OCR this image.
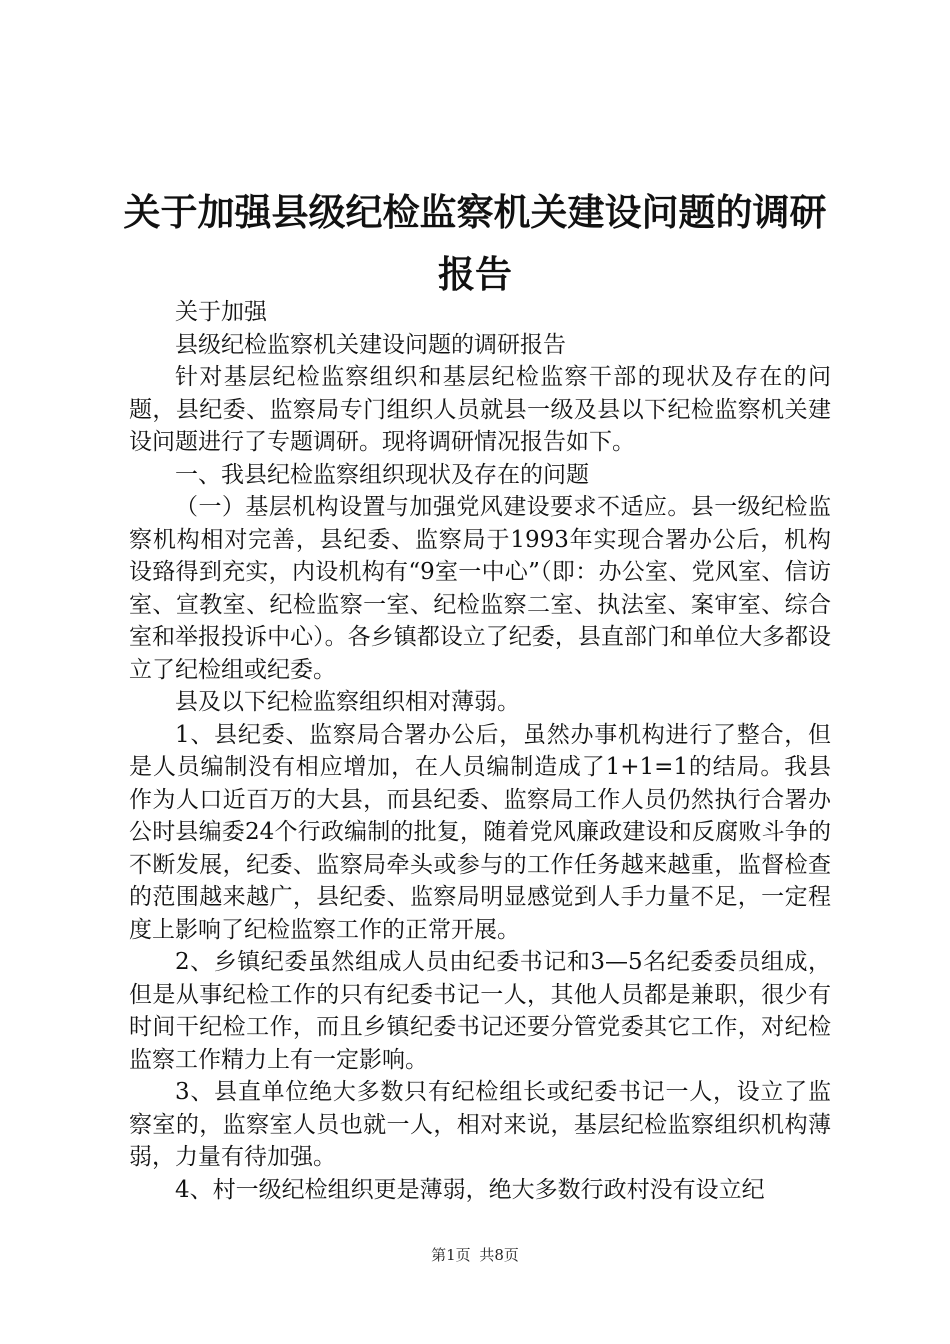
关于加强县级纪检监察机关建设问题的调研报告

关于加强

县级纪检监察机关建设问题的调研报告

针对基层纪检监察组织和基层纪检监察干部的现状及存在的问题，县纪委、监察局专门组织人员就县一级及县以下纪检监察机关建设问题进行了专题调研。现将调研情况报告如下。

一、我县纪检监察组织现状及存在的问题

（一）基层机构设置与加强党风建设要求不适应。县一级纪检监察机构相对完善，县纪委、监察局于1993年实现合署办公后，机构设臵得到充实，内设机构有“9室一中心”（即：办公室、党风室、信访室、宣教室、纪检监察一室、纪检监察二室、执法室、案审室、综合室和举报投诉中心）。各乡镇都设立了纪委，县直部门和单位大多都设立了纪检组或纪委。

县及以下纪检监察组织相对薄弱。

1、县纪委、监察局合署办公后，虽然办事机构进行了整合，但是人员编制没有相应增加，在人员编制造成了1+1=1的结局。我县作为人口近百万的大县，而县纪委、监察局工作人员仍然执行合署办公时县编委24个行政编制的批复，随着党风廉政建设和反腐败斗争的不断发展，纪委、监察局牵头或参与的工作任务越来越重，监督检查的范围越来越广，县纪委、监察局明显感觉到人手力量不足，一定程度上影响了纪检监察工作的正常开展。

2、乡镇纪委虽然组成人员由纪委书记和3—5名纪委委员组成，但是从事纪检工作的只有纪委书记一人，其他人员都是兼职，很少有时间干纪检工作，而且乡镇纪委书记还要分管党委其它工作，对纪检监察工作精力上有一定影响。

3、县直单位绝大多数只有纪检组长或纪委书记一人，设立了监察室的，监察室人员也就一人，相对来说，基层纪检监察组织机构薄弱，力量有待加强。

4、村一级纪检组织更是薄弱，绝大多数行政村没有设立纪

第1页 共8页
